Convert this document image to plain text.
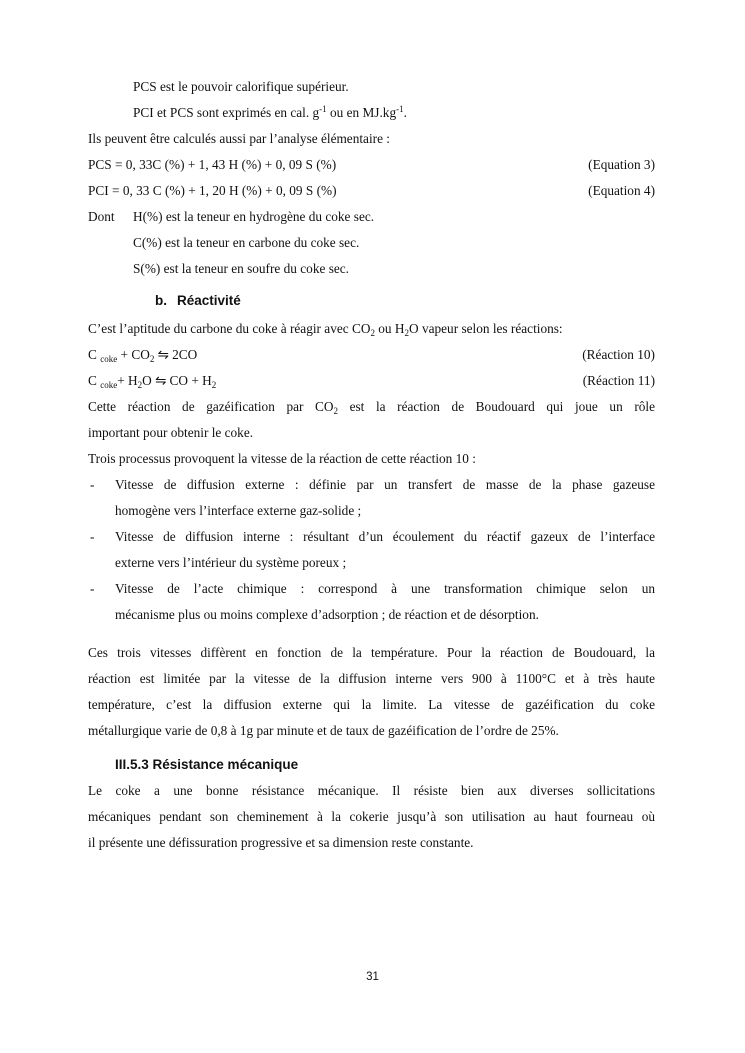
PCS est le pouvoir calorifique supérieur.
PCI et PCS sont exprimés en cal. $g^{-1}$ ou en $MJ.kg^{-1}$.
Ils peuvent être calculés aussi par l’analyse élémentaire :
PCS = 0, 33C (%) + 1, 43 H (%) + 0, 09 S (%)	(Equation 3)
PCI = 0, 33 C (%) + 1, 20 H (%) + 0, 09 S (%)	(Equation 4)
Dont H(%) est la teneur en hydrogène du coke sec.
C(%) est la teneur en carbone du coke sec.
S(%) est la teneur en soufre du coke sec.
b. Réactivité
C’est l’aptitude du carbone du coke à réagir avec $CO_2$ ou $H_2O$ vapeur selon les réactions:
C $_{coke} + CO_2$ ⇋ 2CO	(Réaction 10)
C $_{coke}+ H_2O$ ⇋ CO + $H_2$	(Réaction 11)
Cette réaction de gazéification par $CO_2$ est la réaction de Boudouard qui joue un rôle
important pour obtenir le coke.
Trois processus provoquent la vitesse de la réaction de cette réaction 10 :
- Vitesse de diffusion externe : définie par un transfert de masse de la phase gazeuse
homogène vers l’interface externe gaz-solide ;
- Vitesse de diffusion interne : résultant d’un écoulement du réactif gazeux de l’interface
externe vers l’intérieur du système poreux ;
- Vitesse de l’acte chimique : correspond à une transformation chimique selon un
mécanisme plus ou moins complexe d’adsorption ; de réaction et de désorption.
Ces trois vitesses diffèrent en fonction de la température. Pour la réaction de Boudouard, la
réaction est limitée par la vitesse de la diffusion interne vers 900 à 1100°C et à très haute
température, c’est la diffusion externe qui la limite. La vitesse de gazéification du coke
métallurgique varie de 0,8 à 1g par minute et de taux de gazéification de l’ordre de 25%.
III.5.3 Résistance mécanique
Le coke a une bonne résistance mécanique. Il résiste bien aux diverses sollicitations
mécaniques pendant son cheminement à la cokerie jusqu’à son utilisation au haut fourneau où
il présente une défissuration progressive et sa dimension reste constante.
31
